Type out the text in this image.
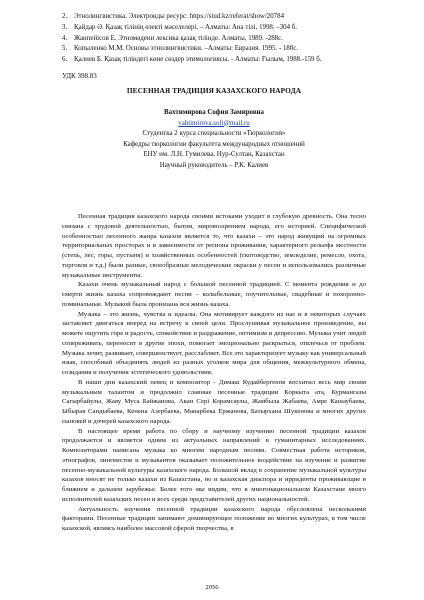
2. Этнолингвистика. Электронды ресурс: https://stud.kz/referat/show/20784
3. Қайдар Ә. Қазақ тілінің өзекті мәселелері. – Алматы: Ана тілі, 1998. –304 б.
4. Жанпейісов Е. Этномәдени лексика қазақ тілінде. Алматы, 1989. -288с.
5. Копыленко М.М. Основы этнолингвистики. –Алматы: Евразия. 1995. - 180с.
6. Қалиев Б. Қазақ тіліндегі көне сөздер этимологиясы. - Алматы: Ғылым, 1988.-159 б.
УДК 398.83
ПЕСЕННАЯ ТРАДИЦИЯ КАЗАХСКОГО НАРОДА
Вахтимирова София Замировна
vahtimirova.sofi@mail.ru
Студентка 2 курса специальности «Тюркология»
Кафедры тюркологии факультета международных отношений
ЕНУ им. Л.Н. Гумилева, Нур-Султан, Казахстан
Научный руководитель – Р.К. Калиев

Песенная традиция казахского народа своими истоками уходит в глубокую древность. Она тесно связана с трудовой деятельностью, бытом, мировоззрением народа, его историей. Специфической особенностью песенного жанра казахов является то, что казахи – это народ живущий на огромных территориальных просторах и в зависимости от региона проживания, характерного рельефа местности (степь, лес, горы, пустыня) и хозяйственных особенностей (скотоводство, земледелие, ремесло, охота, торговля и т.д.) были разные, своеобразные мелодические окраски у песен и использовались различные музыкальные инструменты.

Казахи очень музыкальный народ с большой песенной традицией. С момента рождения и до смерти жизнь казаха сопровождают песни – колыбельные, поучительные, свадебные и похоронно-поминальные. Музыкой была пронизана вся жизнь казаха.

Музыка – это жизнь, чувства и идеалы. Она мотивирует каждого из нас и в некоторых случаях заставляет двигаться вперед на встречу к своей цели. Прослушивая музыкальное произведение, вы можете ощутить горе и радость, спокойствие и раздражение, оптимизм и депрессию. Музыка учит людей сопереживать, переносит в другие эпохи, помогает эмоционально раскрыться, отвлечься от проблем. Музыка лечит, развивает, совершенствует, расслабляет. Все это характеризует музыку как универсальный язык, способный объединять людей из разных уголков мира для общения, межкультурного обмена, созидания и получения эстетического удовольствия.

В наши дни казахский певец и композитор - Димаш Кудайбергенов восхитил весь мир своим музыкальным талантом и продолжил славные песенные традиции Коркыта ата, Курмангазы Сагырбайулы, Жаяу Муса Байжанова, Акан Сері Корамсаулы, Жамбыла Жабаева, Амре Кашаубаева, Ыбырая Сандыбаева, Кенена Азербаева, Манарбека Ержанова, Батырхана Шукенова и многих других сыновей и дочерей казахского народа.

В настоящее время работа по сбору и научному изучению песенной традиции казахов продолжается и является одним из актуальных направлений в гуманитарных исследованиях. Композиторами написана музыка ко многим народным песням. Совместная работа историков, этнографов, лингвистов и музыкантов оказывает положительное воздействие на изучение и развитие песенно-музыкальной культуры казахского народа. Большой вклад в сохранение музыкальной культуры казахов вносят не только казахи из Казахстана, но и казахская диаспора и ирриденты проживающие в ближнем и дальнем зарубежье. Более того мы видим, что в многонациональном Казахстане много исполнителей казахских песен и всех среди представителей других национальностей.

Актуальность изучения песенной традиции казахского народа обусловлена несколькими факторами. Песенные традиции занимают доминирующее положение во многих культурах, в том числе казахской, являясь наиболее массовой сферой творчества, в

2056
